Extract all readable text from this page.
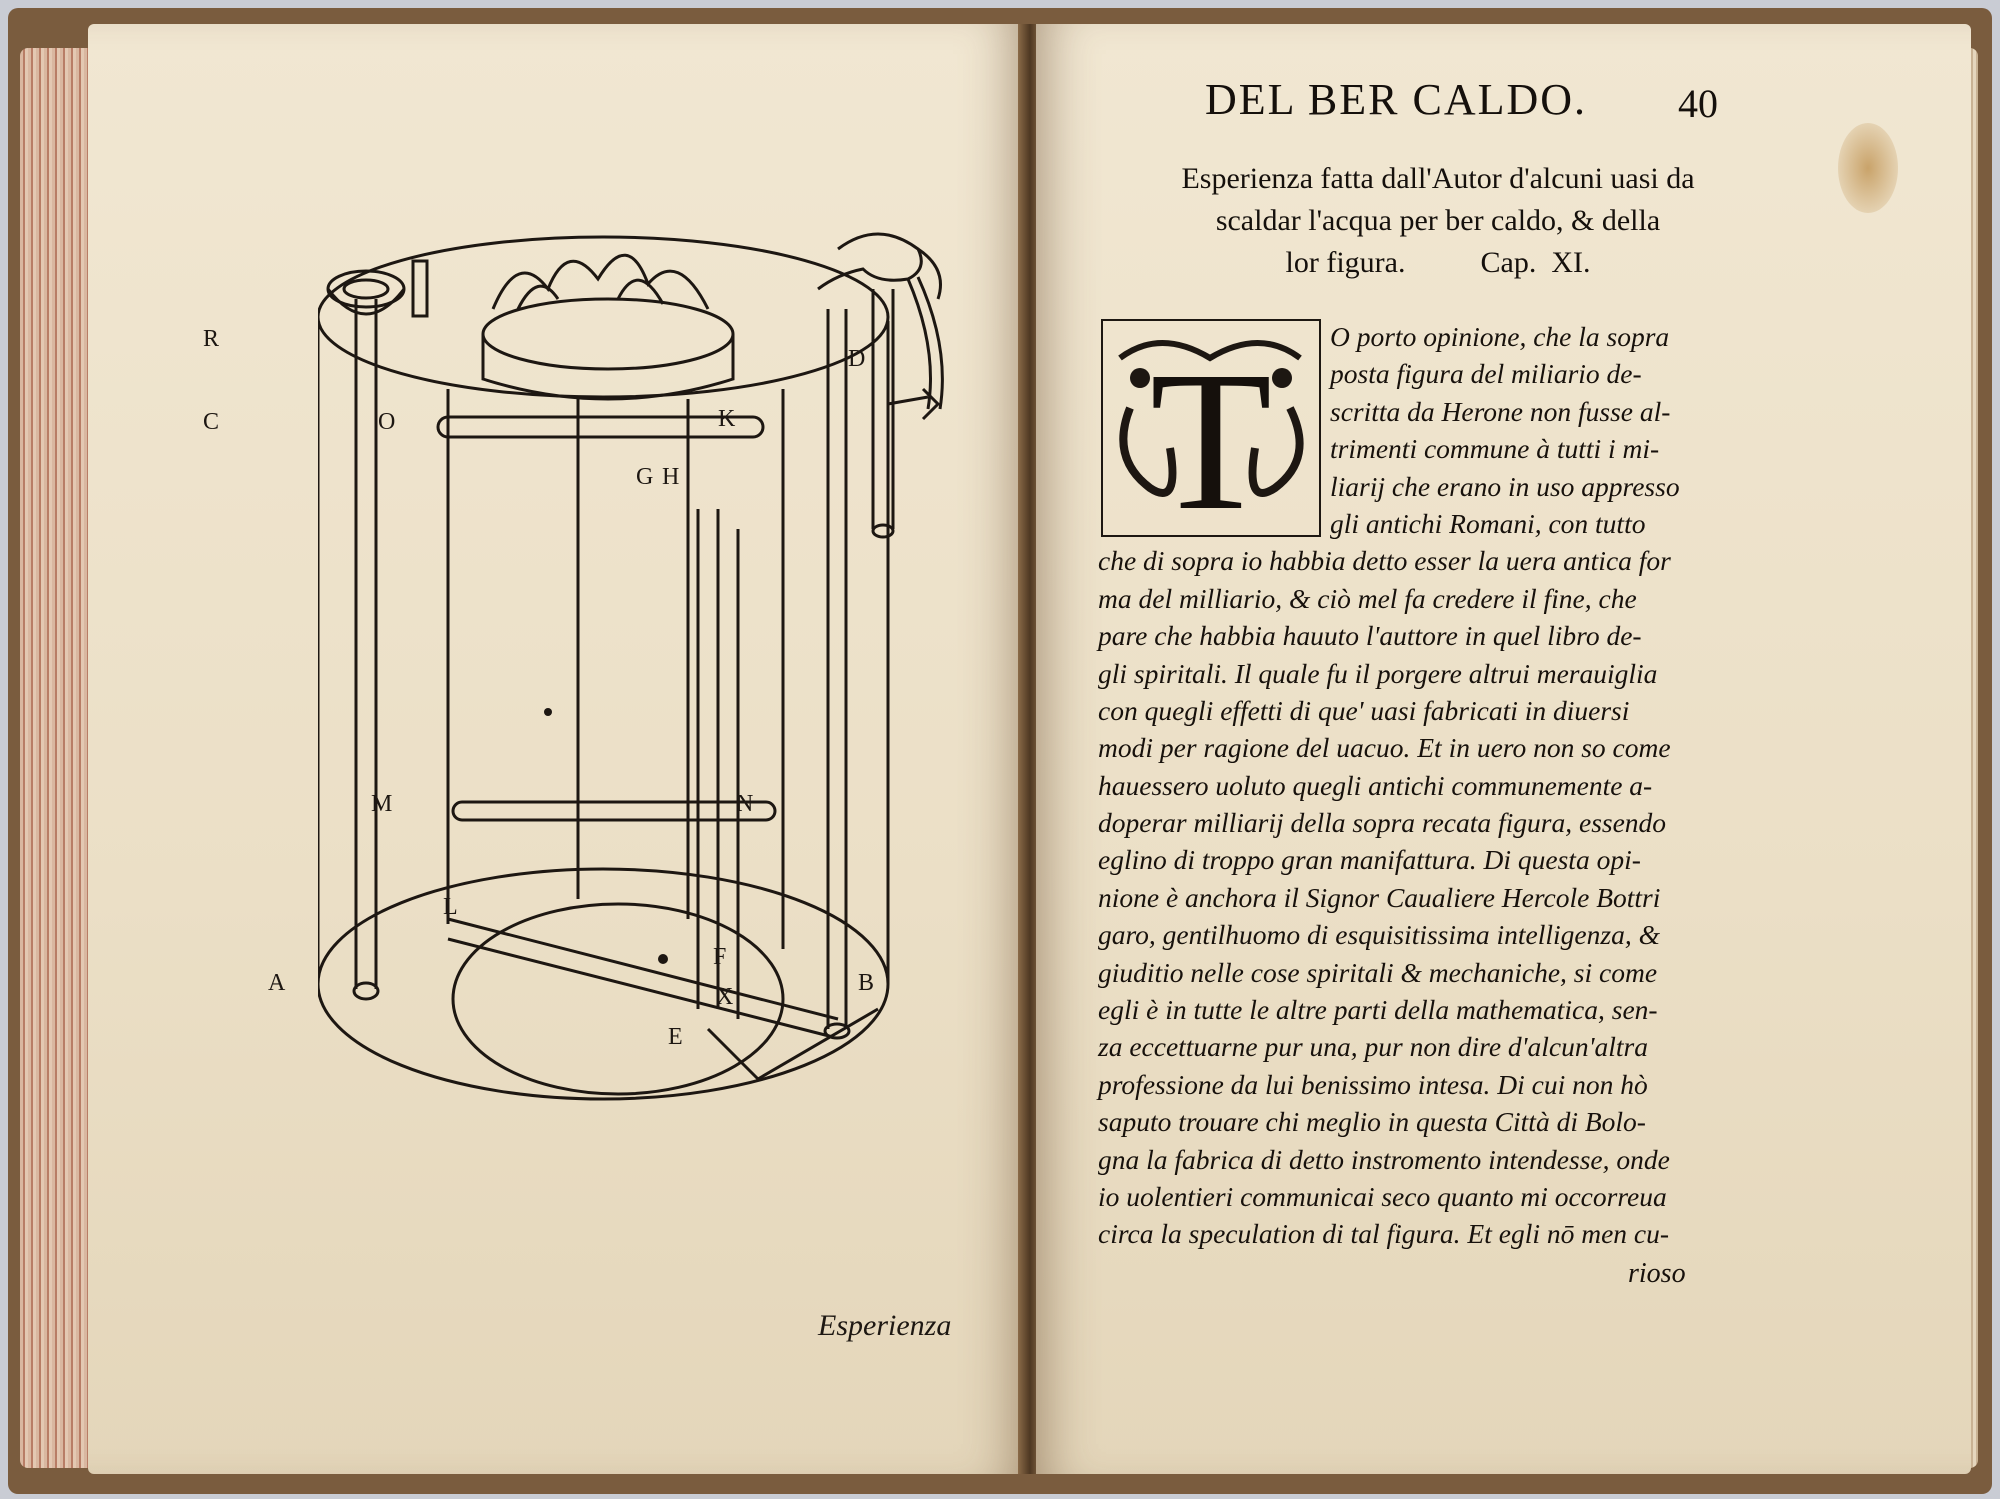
R
C	O	K
D
G H
M	N
A	B
L
F
X
E
Esperienza
DEL BER CALDO. 40
Esperienza fatta dall'Autor d'alcuni uasi da
scaldar l'acqua per ber caldo, & della
lor figura.          Cap.  XI.
T	O porto opinione, che la sopra
posta figura del miliario de-
scritta da Herone non fusse al-
trimenti commune à tutti i mi-
liarij che erano in uso appresso
gli antichi Romani, con tutto
che di sopra io habbia detto esser la uera antica for
ma del milliario, & ciò mel fa credere il fine, che
pare che habbia hauuto l'auttore in quel libro de-
gli spiritali. Il quale fu il porgere altrui merauiglia
con quegli effetti di que' uasi fabricati in diuersi
modi per ragione del uacuo. Et in uero non so come
hauessero uoluto quegli antichi communemente a-
doperar milliarij della sopra recata figura, essendo
eglino di troppo gran manifattura. Di questa opi-
nione è anchora il Signor Caualiere Hercole Bottri
garo, gentilhuomo di esquisitissima intelligenza, &
giuditio nelle cose spiritali & mechaniche, si come
egli è in tutte le altre parti della mathematica, sen-
za eccettuarne pur una, pur non dire d'alcun'altra
professione da lui benissimo intesa. Di cui non hò
saputo trouare chi meglio in questa Città di Bolo-
gna la fabrica di detto instromento intendesse, onde
io uolentieri communicai seco quanto mi occorreua
circa la speculation di tal figura. Et egli nō men cu-
rioso
